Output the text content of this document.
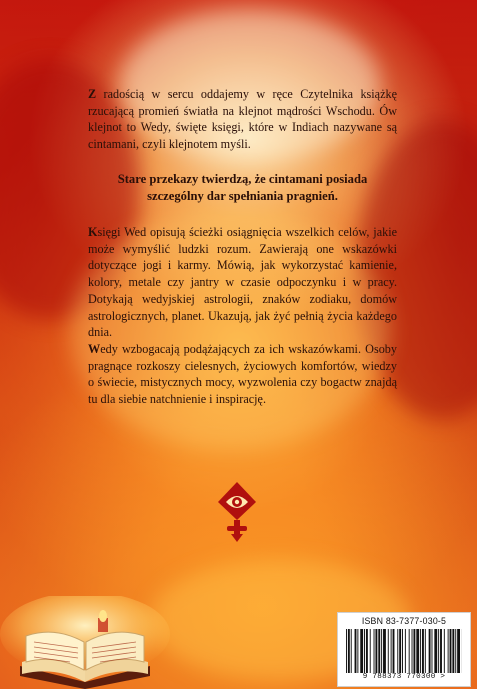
Z radością w sercu oddajemy w ręce Czytelnika książkę rzucającą promień światła na klejnot mądrości Wschodu. Ów klejnot to Wedy, święte księgi, które w Indiach nazywane są cintamani, czyli klejnotem myśli.
Stare przekazy twierdzą, że cintamani posiada szczególny dar spełniania pragnień.
Księgi Wed opisują ścieżki osiągnięcia wszelkich celów, jakie może wymyślić ludzki rozum. Zawierają one wskazówki dotyczące jogi i karmy. Mówią, jak wykorzystać kamienie, kolory, metale czy jantry w czasie odpoczynku i w pracy. Dotykają wedyjskiej astrologii, znaków zodiaku, domów astrologicznych, planet. Ukazują, jak żyć pełnią życia każdego dnia.
Wedy wzbogacają podążających za ich wskazówkami. Osoby pragnące rozkoszy cielesnych, życiowych komfortów, wiedzy o świecie, mistycznych mocy, wyzwolenia czy bogactw znajdą tu dla siebie natchnienie i inspirację.
ISBN 83-7377-030-5
9 788373 770300 >
